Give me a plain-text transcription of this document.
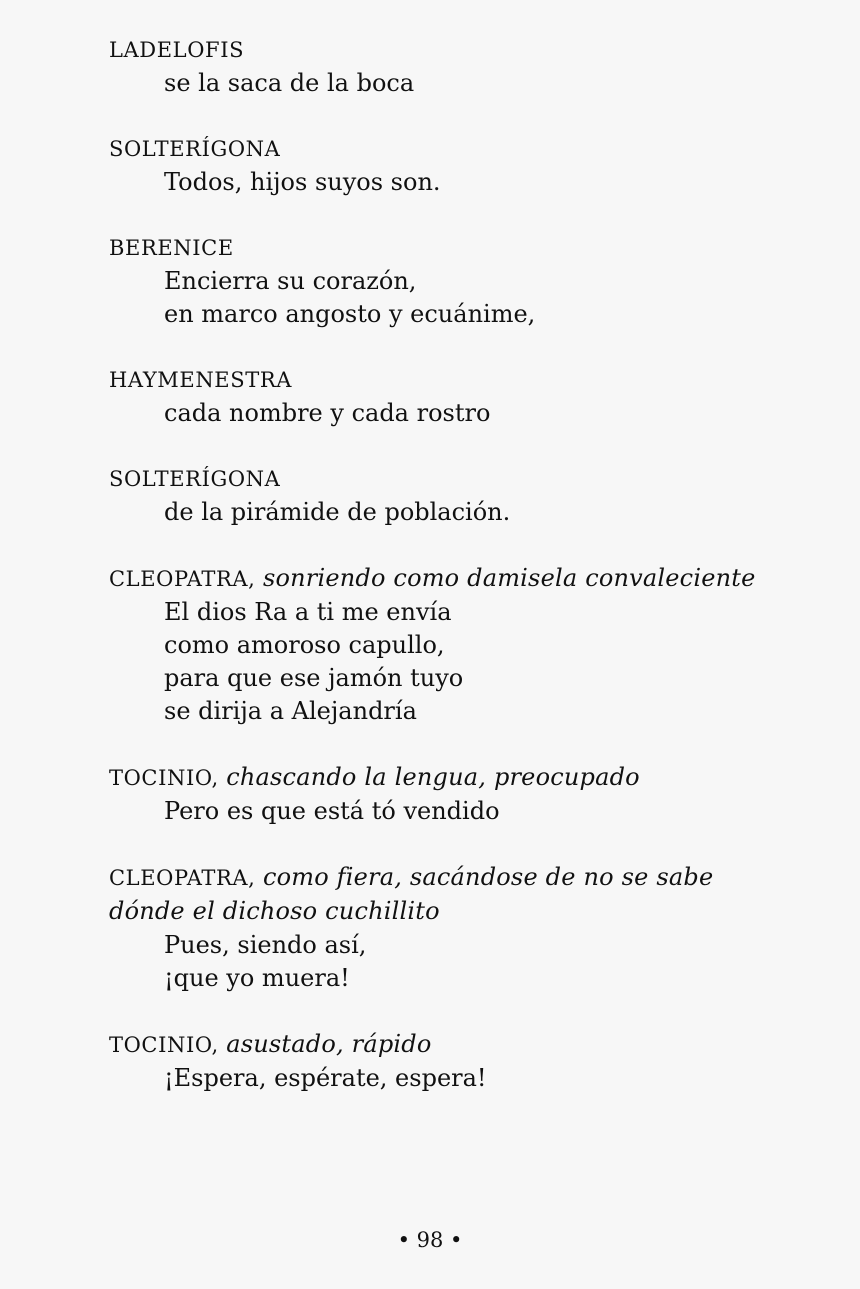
LADELOFIS
se la saca de la boca
SOLTERÍGONA
Todos, hijos suyos son.
BERENICE
Encierra su corazón,
en marco angosto y ecuánime,
HAYMENESTRA
cada nombre y cada rostro
SOLTERÍGONA
de la pirámide de población.
CLEOPATRA, sonriendo como damisela convaleciente
El dios Ra a ti me envía
como amoroso capullo,
para que ese jamón tuyo
se dirija a Alejandría
TOCINIO, chascando la lengua, preocupado
Pero es que está tó vendido
CLEOPATRA, como fiera, sacándose de no se sabe dónde el dichoso cuchillito
Pues, siendo así,
¡que yo muera!
TOCINIO, asustado, rápido
¡Espera, espérate, espera!
• 98 •
